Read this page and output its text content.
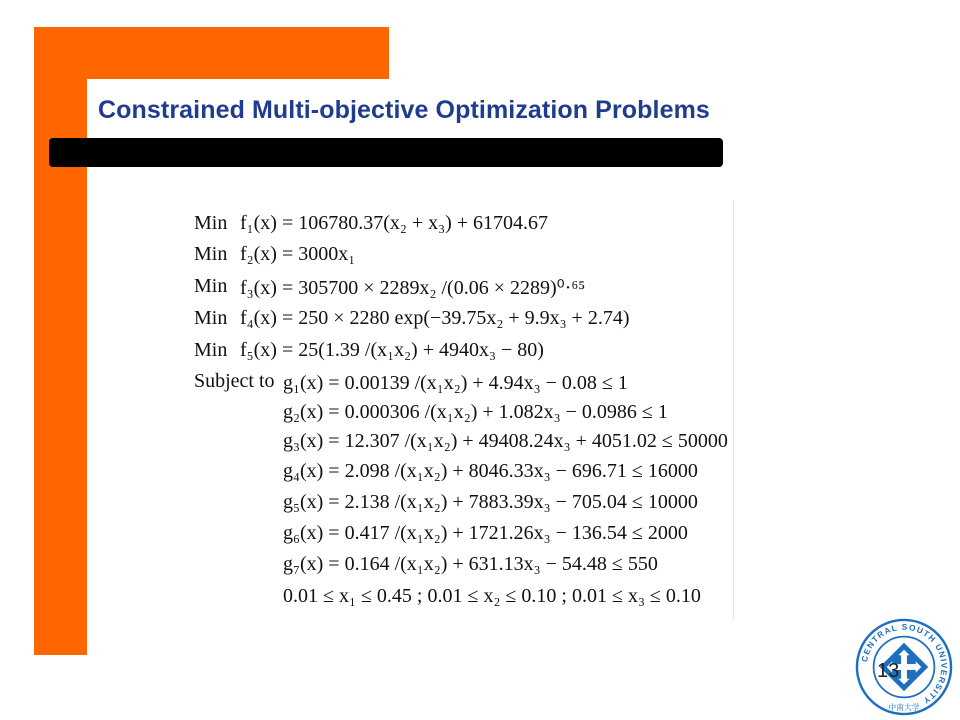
Constrained Multi-objective Optimization Problems
Min f₁(x) = 106780.37(x₂ + x₃) + 61704.67
Min f₂(x) = 3000x₁
Min f₃(x) = 305700 × 2289x₂ /(0.06 × 2289)⁰·⁶⁵
Min f₄(x) = 250 × 2280 exp(−39.75x₂ + 9.9x₃ + 2.74)
Min f₅(x) = 25(1.39 /(x₁x₂) + 4940x₃ − 80)
Subject to g₁(x) = 0.00139 /(x₁x₂) + 4.94x₃ − 0.08 ≤ 1
g₂(x) = 0.000306 /(x₁x₂) + 1.082x₃ − 0.0986 ≤ 1
g₃(x) = 12.307 /(x₁x₂) + 49408.24x₃ + 4051.02 ≤ 50000
g₄(x) = 2.098 /(x₁x₂) + 8046.33x₃ − 696.71 ≤ 16000
g₅(x) = 2.138 /(x₁x₂) + 7883.39x₃ − 705.04 ≤ 10000
g₆(x) = 0.417 /(x₁x₂) + 1721.26x₃ − 136.54 ≤ 2000
g₇(x) = 0.164 /(x₁x₂) + 631.13x₃ − 54.48 ≤ 550
0.01 ≤ x₁ ≤ 0.45 ; 0.01 ≤ x₂ ≤ 0.10 ; 0.01 ≤ x₃ ≤ 0.10
CENTRAL SOUTH UNIVERSITY
中南大学
13
